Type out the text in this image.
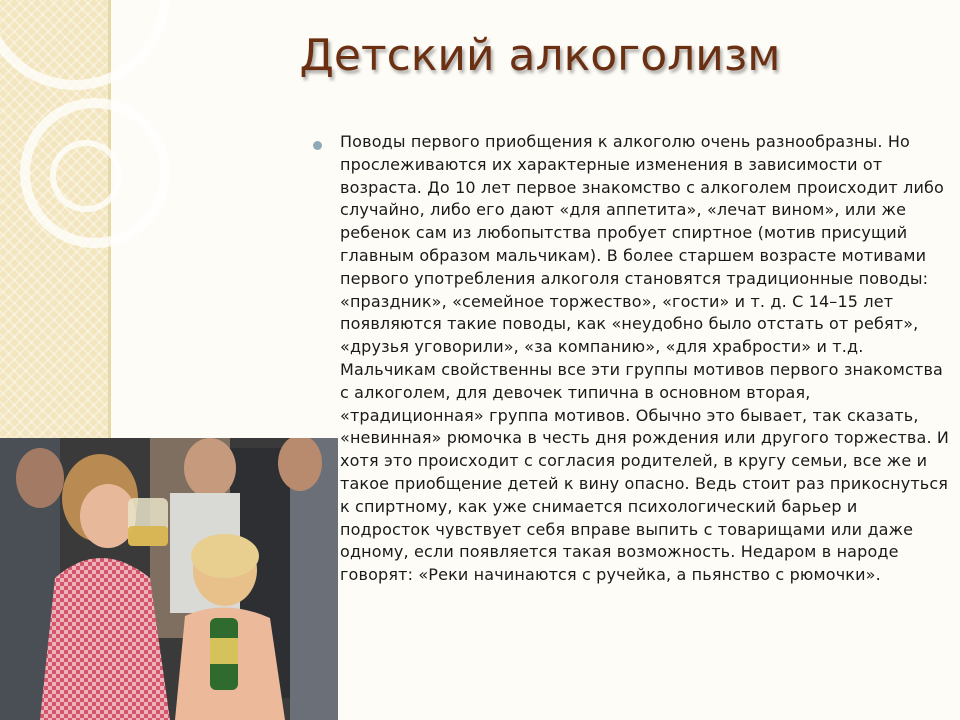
Детский алкоголизм

Поводы первого приобщения к алкоголю очень разнообразны. Но прослеживаются их характерные изменения в зависимости от возраста. До 10 лет первое знакомство с алкоголем происходит либо случайно, либо его дают «для аппетита», «лечат вином», или же ребенок сам из любопытства пробует спиртное (мотив присущий главным образом мальчикам). В более старшем возрасте мотивами первого употребления алкоголя становятся традиционные поводы: «праздник», «семейное торжество», «гости» и т. д. С 14–15 лет появляются такие поводы, как «неудобно было отстать от ребят», «друзья уговорили», «за компанию», «для храбрости» и т.д. Мальчикам свойственны все эти группы мотивов первого знакомства с алкоголем, для девочек типична в основном вторая, «традиционная» группа мотивов. Обычно это бывает, так сказать, «невинная» рюмочка в честь дня рождения или другого торжества. И хотя это происходит с согласия родителей, в кругу семьи, все же и такое приобщение детей к вину опасно. Ведь стоит раз прикоснуться к спиртному, как уже снимается психологический барьер и подросток чувствует себя вправе выпить с товарищами или даже одному, если появляется такая возможность. Недаром в народе говорят: «Реки начинаются с ручейка, а пьянство с рюмочки».
